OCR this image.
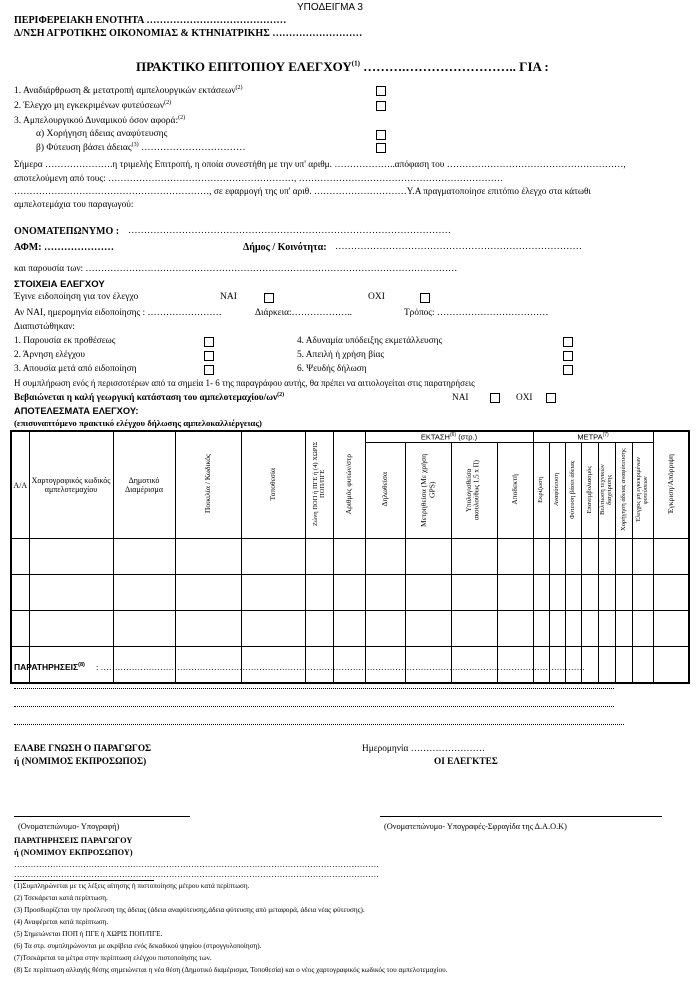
ΥΠΟΔΕΙΓΜΑ 3
ΠΕΡΙΦΕΡΕΙΑΚΗ ΕΝΟΤΗΤΑ ……………………………………
Δ/ΝΣΗ ΑΓΡΟΤΙΚΗΣ ΟΙΚΟΝΟΜΙΑΣ & ΚΤΗΝΙΑΤΡΙΚΗΣ ………………………
ΠΡΑΚΤΙΚΟ ΕΠΙΤΟΠΙΟΥ ΕΛΕΓΧΟΥ$^{(1)}$ ……….…………………….. ΓΙΑ :
1. Αναδιάρθρωση & μετατροπή αμπελουργικών εκτάσεων$^{(2)}$
2. Έλεγχο μη εγκεκριμένων φυτεύσεων$^{(2)}$
3. Αμπελουργικού Δυναμικού όσον αφορά:$^{(2)}$
α) Χορήγηση άδειας αναφύτευσης
β) Φύτευση βάσει άδειας$^{(3)}$ ……………………………
Σήμερα ………………….η τριμελής Επιτροπή, η οποία συνεστήθη με την υπ' αριθμ. ………………..απόφαση του …………………………………………………,
αποτελούμενη από τους: ……………………………………………………, …………………………………………………………
………………………………………………………, σε εφαρμογή της υπ' αριθ. …………………………Υ.Α πραγματοποίησε επιτόπιο έλεγχο στα κάτωθι
αμπελοτεμάχια του παραγωγού:
ΟΝΟΜΑΤΕΠΩΝΥΜΟ : …………………………………………………………………………………………
ΑΦΜ: …………………	Δήμος / Κοινότητα: ……………………………………………………………………
και παρουσία των: …………………………………………………………………………………………………………
ΣΤΟΙΧΕΙΑ ΕΛΕΓΧΟΥ
Έγινε ειδοποίηση για τον έλεγχο	ΝΑΙ	ΟΧΙ
Αν ΝΑΙ, ημερομηνία ειδοποίησης : ……………………	Διάρκεια:………………..	Τρόπος: ………………………………
Διαπιστώθηκαν:
1. Παρουσία εκ προθέσεως
2. Άρνηση ελέγχου
3. Απουσία μετά από ειδοποίηση
4. Αδυναμία υπόδειξης εκμετάλλευσης
5. Απειλή ή χρήση βίας
6. Ψευδής δήλωση
Η συμπλήρωση ενός ή περισσοτέρων από τα σημεία 1- 6 της παραγράφου αυτής, θα πρέπει να αιτιολογείται στις παρατηρήσεις
Βεβαιώνεται η καλή γεωργική κατάσταση του αμπελοτεμαχίου/$\omega\nu^{(2)}$	ΝΑΙ	ΟΧΙ
ΑΠΟΤΕΛΕΣΜΑΤΑ ΕΛΕΓΧΟΥ:
(επισυναπτόμενο πρακτικό ελέγχου δήλωσης αμπελοκαλλιέργειας)
Α/Α	Χαρτογραφικός κωδικός αμπελοτεμαχίου	Δημοτικό Διαμέρισμα	Ποικιλία / Κωδικός	Τοποθεσία	Ζώνη ΠΟΠ ή ΠΓΕ ή (4) ΧΩΡΙΣ ΠΟΠ/ΠΓΕ	Αριθμός φυτών/στρ	ΕΚΤΑΣΗ$^{(6)}$ (στρ.)				ΜΕΤΡΑ$^{(7)}$							Έγκριση/Απόρριψη
							Δηλωθείσα	Μετρηθείσα (Με χρήση GPS)	Υπολογισθείσα ακουλούθως 1,5 x Π)	Αποδεκτή	Εκρίζωση	Αναφύτευση	Φύτευση βάσει άδειας	Επανεμβολιασμός	Βελτίωση τεχνικών διαχείρισης	Χορήγηση άδειας αναφύτευσης	Έλεγχος μη εγκεκριμένων φυτεύσεων	

ΠΑΡΑΤΗΡΗΣΕΙΣ$^{(8)}$ : ………………………………………………………………………………………………………………………………………………………
ΕΛΑΒΕ ΓΝΩΣΗ Ο ΠΑΡΑΓΩΓΟΣ
ή (ΝΟΜΙΜΟΣ ΕΚΠΡΟΣΩΠΟΣ)
Ημερομηνία ……………………
ΟΙ ΕΛΕΓΚΤΕΣ
(Ονοματεπώνυμο- Υπογραφή)	(Ονοματεπώνυμο- Υπογραφές-Σφραγίδα της Δ.Α.Ο.Κ)
ΠΑΡΑΤΗΡΗΣΕΙΣ ΠΑΡΑΓΩΓΟΥ
ή (ΝΟΜΙΜΟΥ ΕΚΠΡΟΣΩΠΟΥ)
……………………………………………………………………………………………………………………
……………………………………………………………………………………………………………………
(1)Συμπληρώνεται με τις λέξεις αίτησης ή πιστοποίησης μέτρου κατά περίπτωση.
(2) Τσεκάρεται κατά περίπτωση.
(3) Προσδιορίζεται την προέλευση της άδειας (άδεια αναφύτευσης,άδεια φύτευσης από μεταφορά, άδεια νέας φύτευσης).
(4) Αναφέρεται κατά περίπτωση.
(5) Σημειώνεται ΠΟΠ ή ΠΓΕ ή ΧΩΡΙΣ ΠΟΠ/ΠΓΕ.
(6) Τα στρ. συμπληρώνονται με ακρίβεια ενός δεκαδικού ψηφίου (στρογγυλοποίηση).
(7)Τσεκάρεται τα μέτρα στην περίπτωση ελέγχου πιστοποίησης των.
(8) Σε περίπτωση αλλαγής θέσης σημειώνεται η νέα θέση (Δημοτικό διαμέρισμα, Τοποθεσία) και ο νέος χαρτογραφικός κωδικός του αμπελοτεμαχίου.
